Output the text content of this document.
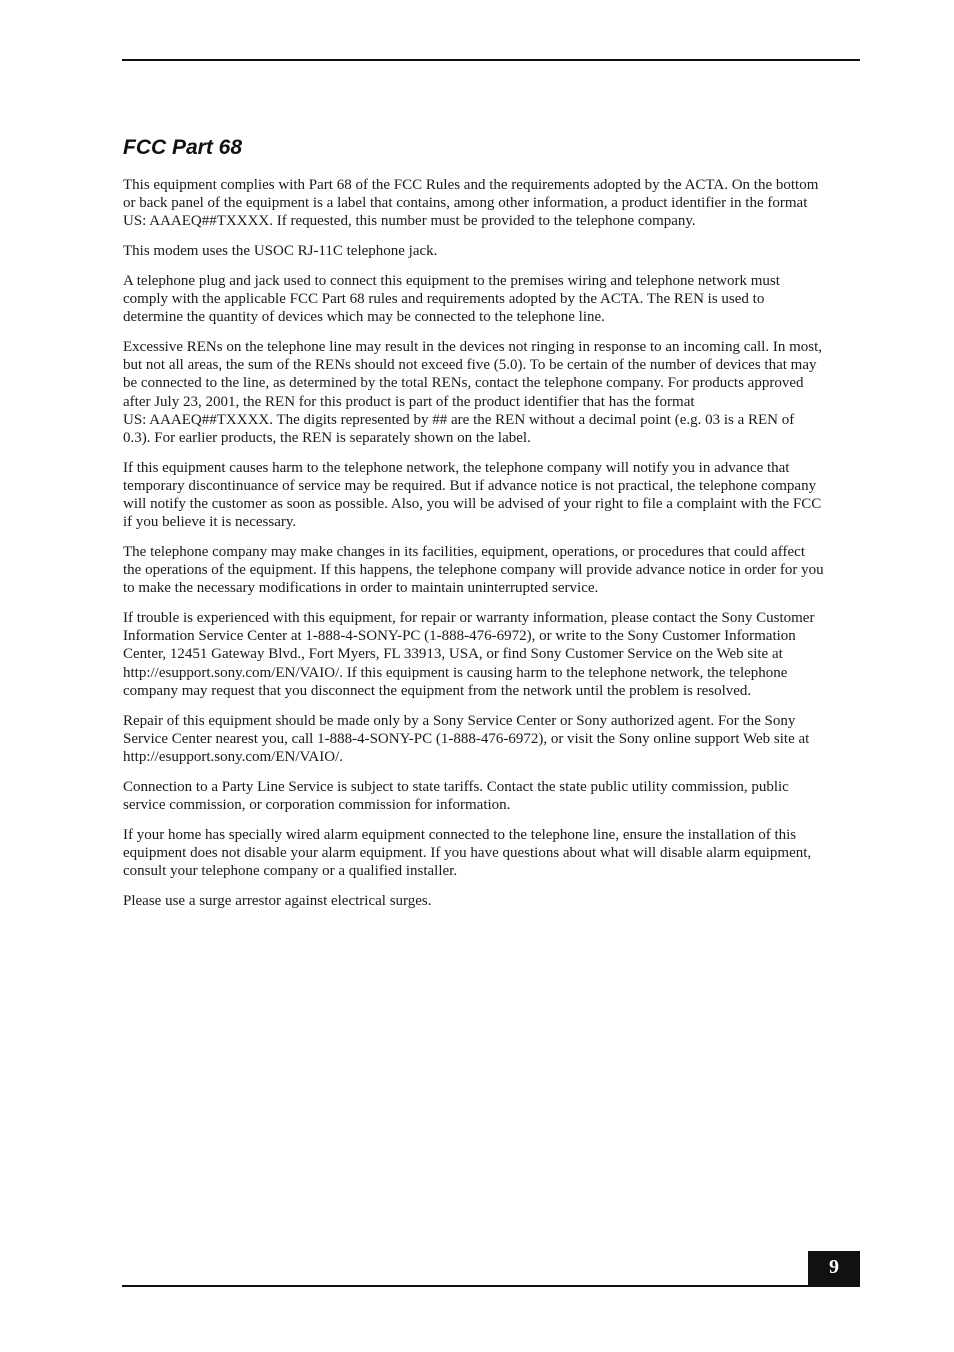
FCC Part 68

This equipment complies with Part 68 of the FCC Rules and the requirements adopted by the ACTA. On the bottom
or back panel of the equipment is a label that contains, among other information, a product identifier in the format
US: AAAEQ##TXXXX. If requested, this number must be provided to the telephone company.

This modem uses the USOC RJ-11C telephone jack.

A telephone plug and jack used to connect this equipment to the premises wiring and telephone network must
comply with the applicable FCC Part 68 rules and requirements adopted by the ACTA. The REN is used to
determine the quantity of devices which may be connected to the telephone line.

Excessive RENs on the telephone line may result in the devices not ringing in response to an incoming call. In most,
but not all areas, the sum of the RENs should not exceed five (5.0). To be certain of the number of devices that may
be connected to the line, as determined by the total RENs, contact the telephone company. For products approved
after July 23, 2001, the REN for this product is part of the product identifier that has the format
US: AAAEQ##TXXXX. The digits represented by ## are the REN without a decimal point (e.g. 03 is a REN of
0.3). For earlier products, the REN is separately shown on the label.

If this equipment causes harm to the telephone network, the telephone company will notify you in advance that
temporary discontinuance of service may be required. But if advance notice is not practical, the telephone company
will notify the customer as soon as possible. Also, you will be advised of your right to file a complaint with the FCC
if you believe it is necessary.

The telephone company may make changes in its facilities, equipment, operations, or procedures that could affect
the operations of the equipment. If this happens, the telephone company will provide advance notice in order for you
to make the necessary modifications in order to maintain uninterrupted service.

If trouble is experienced with this equipment, for repair or warranty information, please contact the Sony Customer
Information Service Center at 1-888-4-SONY-PC (1-888-476-6972), or write to the Sony Customer Information
Center, 12451 Gateway Blvd., Fort Myers, FL 33913, USA, or find Sony Customer Service on the Web site at
http://esupport.sony.com/EN/VAIO/. If this equipment is causing harm to the telephone network, the telephone
company may request that you disconnect the equipment from the network until the problem is resolved.

Repair of this equipment should be made only by a Sony Service Center or Sony authorized agent. For the Sony
Service Center nearest you, call 1-888-4-SONY-PC (1-888-476-6972), or visit the Sony online support Web site at
http://esupport.sony.com/EN/VAIO/.

Connection to a Party Line Service is subject to state tariffs. Contact the state public utility commission, public
service commission, or corporation commission for information.

If your home has specially wired alarm equipment connected to the telephone line, ensure the installation of this
equipment does not disable your alarm equipment. If you have questions about what will disable alarm equipment,
consult your telephone company or a qualified installer.

Please use a surge arrestor against electrical surges.

9
